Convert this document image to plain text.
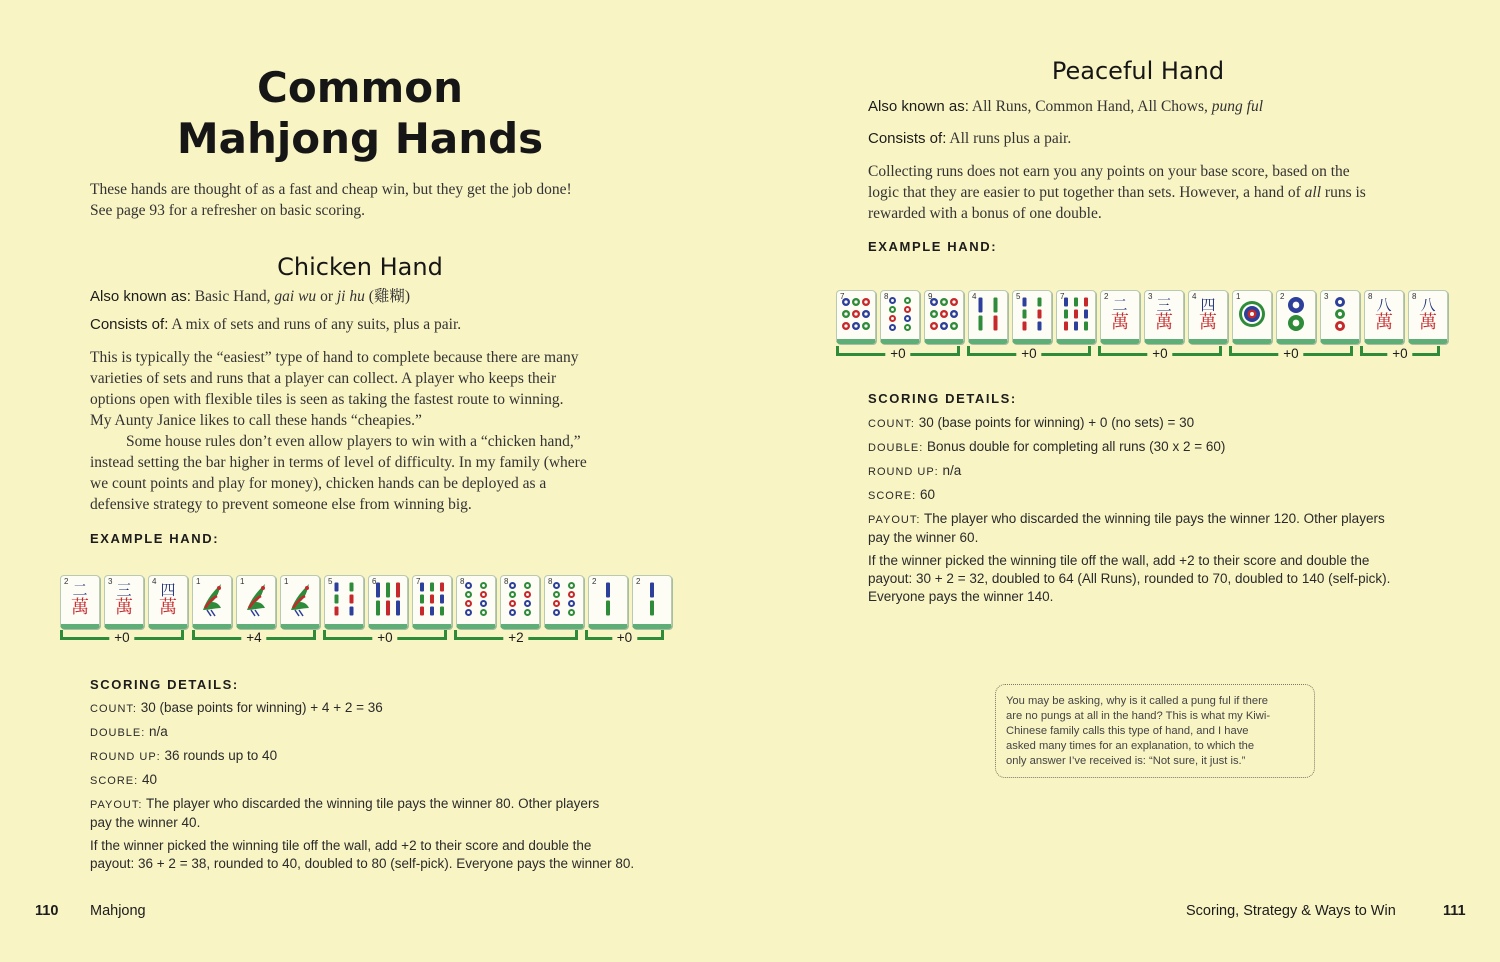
Common
Mahjong Hands
These hands are thought of as a fast and cheap win, but they get the job done!
See page 93 for a refresher on basic scoring.
Chicken Hand
Also known as: Basic Hand, gai wu or ji hu (雞糊)
Consists of: A mix of sets and runs of any suits, plus a pair.
This is typically the “easiest” type of hand to complete because there are many
varieties of sets and runs that a player can collect. A player who keeps their
options open with flexible tiles is seen as taking the fastest route to winning.
My Aunty Janice likes to call these hands “cheapies.”
Some house rules don’t even allow players to win with a “chicken hand,”
instead setting the bar higher in terms of level of difficulty. In my family (where
we count points and play for money), chicken hands can be deployed as a
defensive strategy to prevent someone else from winning big.
EXAMPLE HAND:
2 二
萬
3 三
萬
4 四
萬
1	1	1	5	6	7	8	8	8	2	2
+0	+4	+0	+2	+0
SCORING DETAILS:
COUNT: 30 (base points for winning) + 4 + 2 = 36
DOUBLE: n/a
ROUND UP: 36 rounds up to 40
SCORE: 40
PAYOUT: The player who discarded the winning tile pays the winner 80. Other players
pay the winner 40.
If the winner picked the winning tile off the wall, add +2 to their score and double the
payout: 36 + 2 = 38, rounded to 40, doubled to 80 (self-pick). Everyone pays the winner 80.
110 Mahjong
Peaceful Hand
Also known as: All Runs, Common Hand, All Chows, pung ful
Consists of: All runs plus a pair.
Collecting runs does not earn you any points on your base score, based on the
logic that they are easier to put together than sets. However, a hand of all runs is
rewarded with a bonus of one double.
EXAMPLE HAND:
7	8	9	4	5	7	2 二
萬
3 三
萬
4 四
萬
1	2	3	8 八
萬
8 八
萬
+0	+0	+0	+0	+0
SCORING DETAILS:
COUNT: 30 (base points for winning) + 0 (no sets) = 30
DOUBLE: Bonus double for completing all runs (30 x 2 = 60)
ROUND UP: n/a
SCORE: 60
PAYOUT: The player who discarded the winning tile pays the winner 120. Other players
pay the winner 60.
If the winner picked the winning tile off the wall, add +2 to their score and double the
payout: 30 + 2 = 32, doubled to 64 (All Runs), rounded to 70, doubled to 140 (self-pick).
Everyone pays the winner 140.
You may be asking, why is it called a pung ful if there
are no pungs at all in the hand? This is what my Kiwi-
Chinese family calls this type of hand, and I have
asked many times for an explanation, to which the
only answer I’ve received is: “Not sure, it just is.”
Scoring, Strategy & Ways to Win	111
